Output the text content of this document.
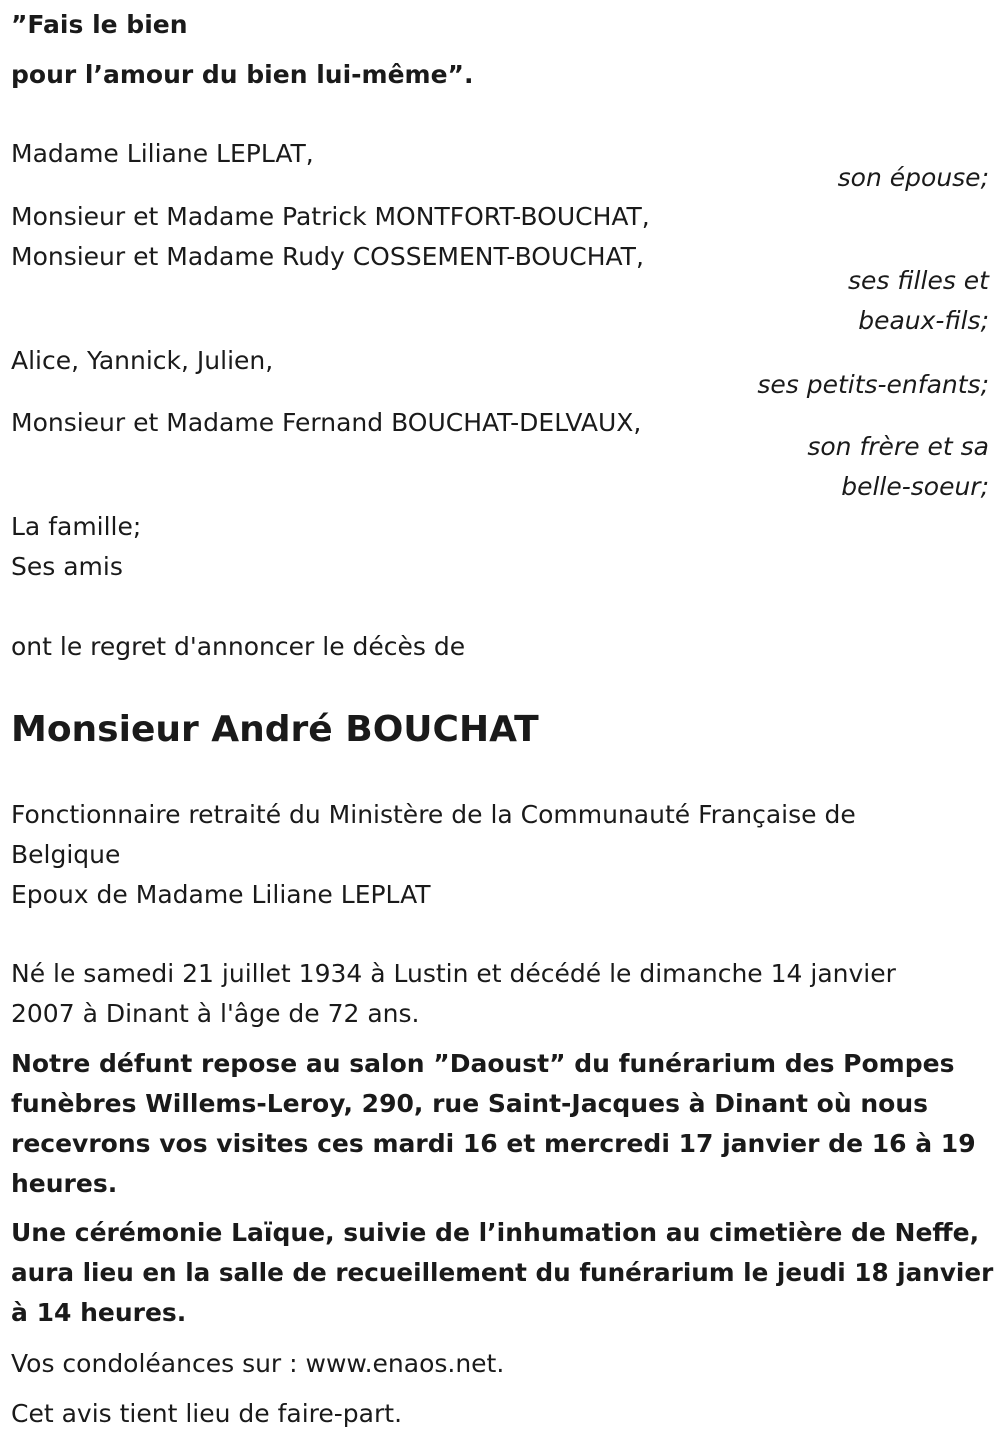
”Fais le bien
pour l’amour du bien lui-même”.
Madame Liliane LEPLAT,
son épouse;
Monsieur et Madame Patrick MONTFORT-BOUCHAT,
Monsieur et Madame Rudy COSSEMENT-BOUCHAT,
ses filles et
beaux-fils;
Alice, Yannick, Julien,
ses petits-enfants;
Monsieur et Madame Fernand BOUCHAT-DELVAUX,
son frère et sa
belle-soeur;
La famille;
Ses amis
ont le regret d'annoncer le décès de
Monsieur André BOUCHAT
Fonctionnaire retraité du Ministère de la Communauté Française de
Belgique
Epoux de Madame Liliane LEPLAT
Né le samedi 21 juillet 1934 à Lustin et décédé le dimanche 14 janvier
2007 à Dinant à l'âge de 72 ans.
Notre défunt repose au salon ”Daoust” du funérarium des Pompes
funèbres Willems-Leroy, 290, rue Saint-Jacques à Dinant où nous
recevrons vos visites ces mardi 16 et mercredi 17 janvier de 16 à 19
heures.
Une cérémonie Laïque, suivie de l’inhumation au cimetière de Neffe,
aura lieu en la salle de recueillement du funérarium le jeudi 18 janvier
à 14 heures.
Vos condoléances sur : www.enaos.net.
Cet avis tient lieu de faire-part.
